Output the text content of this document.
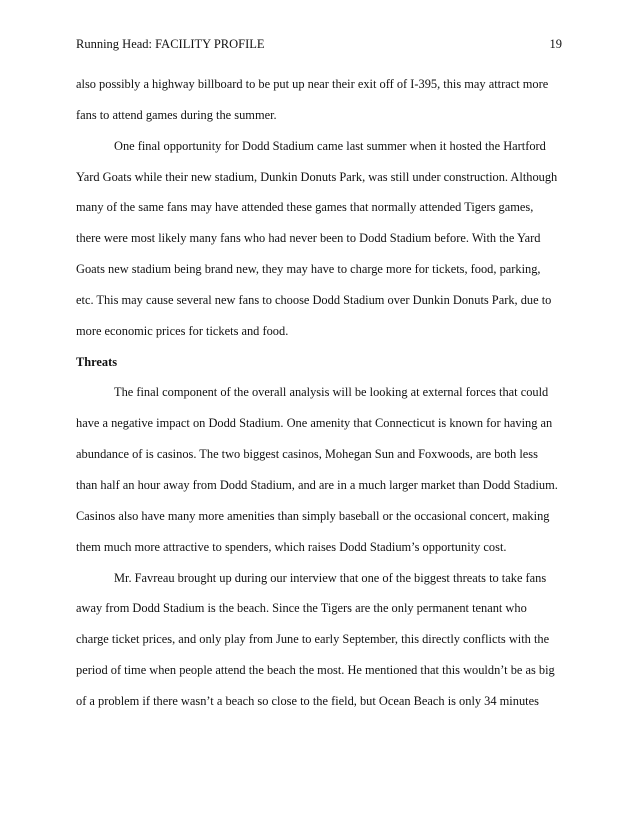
Running Head: FACILITY PROFILE	19

also possibly a highway billboard to be put up near their exit off of I-395, this may attract more
fans to attend games during the summer.

One final opportunity for Dodd Stadium came last summer when it hosted the Hartford
Yard Goats while their new stadium, Dunkin Donuts Park, was still under construction. Although
many of the same fans may have attended these games that normally attended Tigers games,
there were most likely many fans who had never been to Dodd Stadium before. With the Yard
Goats new stadium being brand new, they may have to charge more for tickets, food, parking,
etc. This may cause several new fans to choose Dodd Stadium over Dunkin Donuts Park, due to
more economic prices for tickets and food.

Threats

The final component of the overall analysis will be looking at external forces that could
have a negative impact on Dodd Stadium. One amenity that Connecticut is known for having an
abundance of is casinos. The two biggest casinos, Mohegan Sun and Foxwoods, are both less
than half an hour away from Dodd Stadium, and are in a much larger market than Dodd Stadium.
Casinos also have many more amenities than simply baseball or the occasional concert, making
them much more attractive to spenders, which raises Dodd Stadium’s opportunity cost.

Mr. Favreau brought up during our interview that one of the biggest threats to take fans
away from Dodd Stadium is the beach. Since the Tigers are the only permanent tenant who
charge ticket prices, and only play from June to early September, this directly conflicts with the
period of time when people attend the beach the most. He mentioned that this wouldn’t be as big
of a problem if there wasn’t a beach so close to the field, but Ocean Beach is only 34 minutes
